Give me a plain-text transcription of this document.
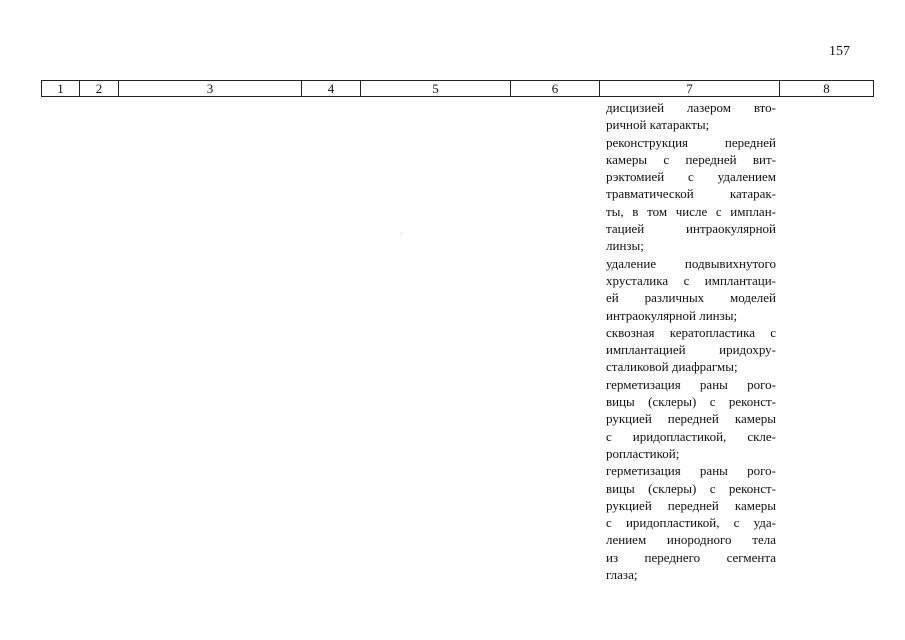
157
1	2	3	4	5	6	7	8
дисцизией лазером вто-
ричной катаракты;
реконструкция передней
камеры с передней вит-
рэктомией с удалением
травматической катарак-
ты, в том числе с имплан-
тацией интраокулярной
линзы;
удаление подвывихнутого
хрусталика с имплантаци-
ей различных моделей
интраокулярной линзы;
сквозная кератопластика с
имплантацией иридохру-
сталиковой диафрагмы;
герметизация раны рого-
вицы (склеры) с реконст-
рукцией передней камеры
с иридопластикой, скле-
ропластикой;
герметизация раны рого-
вицы (склеры) с реконст-
рукцией передней камеры
с иридопластикой, с уда-
лением инородного тела
из переднего сегмента
глаза;
